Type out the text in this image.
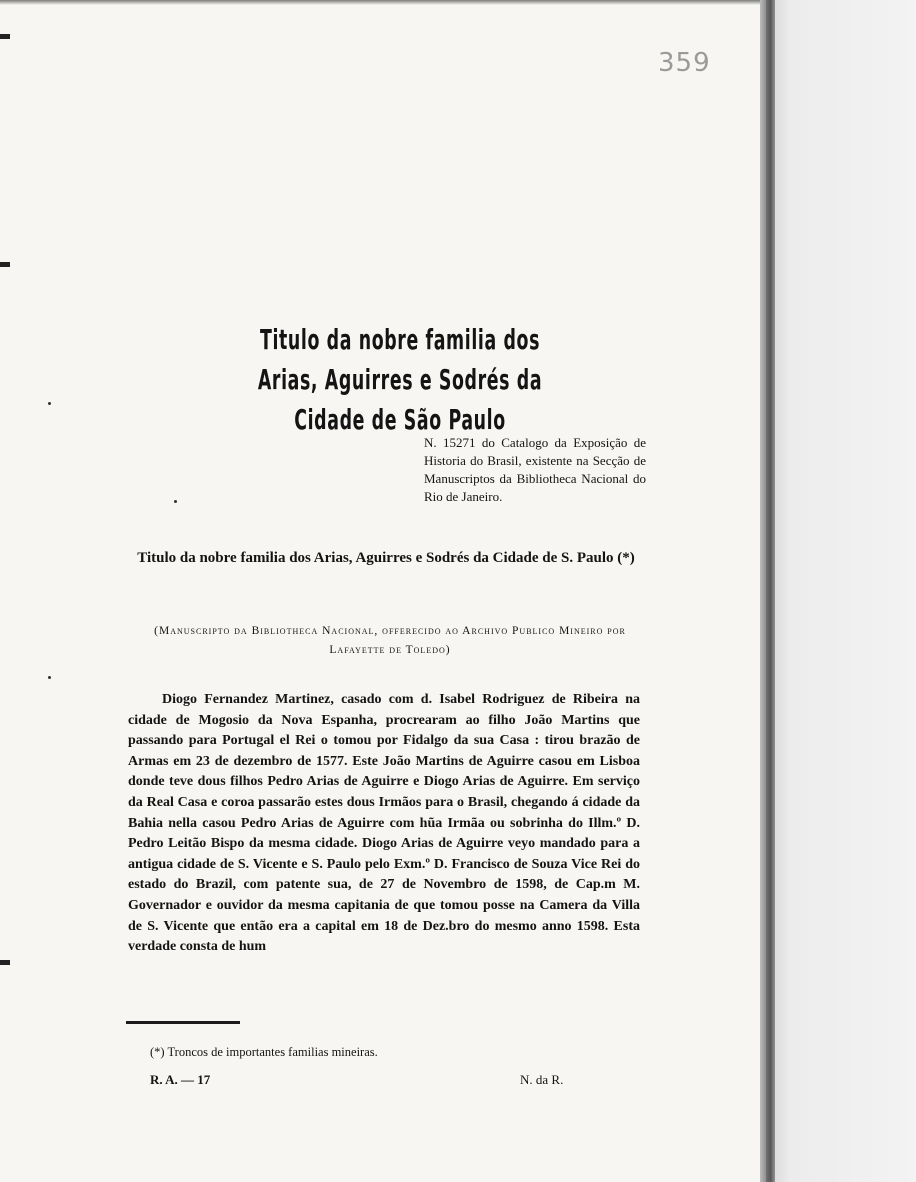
359
Titulo da nobre familia dos Arias, Aguirres e Sodrés da Cidade de São Paulo
N. 15271 do Catalogo da Exposição de Historia do Brasil, existente na Secção de Manuscriptos da Bibliotheca Nacional do Rio de Janeiro.
Titulo da nobre familia dos Arias, Aguirres e Sodrés da Cidade de S. Paulo (*)
(Manuscripto da Bibliotheca Nacional, offerecido ao Archivo Publico Mineiro por Lafayette de Toledo)

Diogo Fernandez Martinez, casado com d. Isabel Rodriguez de Ribeira na cidade de Mogosio da Nova Espanha, procrearam ao filho João Martins que passando para Portugal el Rei o tomou por Fidalgo da sua Casa : tirou brazão de Armas em 23 de dezembro de 1577. Este João Martins de Aguirre casou em Lisboa donde teve dous filhos Pedro Arias de Aguirre e Diogo Arias de Aguirre. Em serviço da Real Casa e coroa passarão estes dous Irmãos para o Brasil, chegando á cidade da Bahia nella casou Pedro Arias de Aguirre com hũa Irmãa ou sobrinha do Illm.º D. Pedro Leitão Bispo da mesma cidade. Diogo Arias de Aguirre veyo mandado para a antigua cidade de S. Vicente e S. Paulo pelo Exm.º D. Francisco de Souza Vice Rei do estado do Brazil, com patente sua, de 27 de Novembro de 1598, de Cap.m M. Governador e ouvidor da mesma capitania de que tomou posse na Camera da Villa de S. Vicente que então era a capital em 18 de Dez.bro do mesmo anno 1598. Esta verdade consta de hum

(*) Troncos de importantes familias mineiras.
R. A. — 17	N. da R.
